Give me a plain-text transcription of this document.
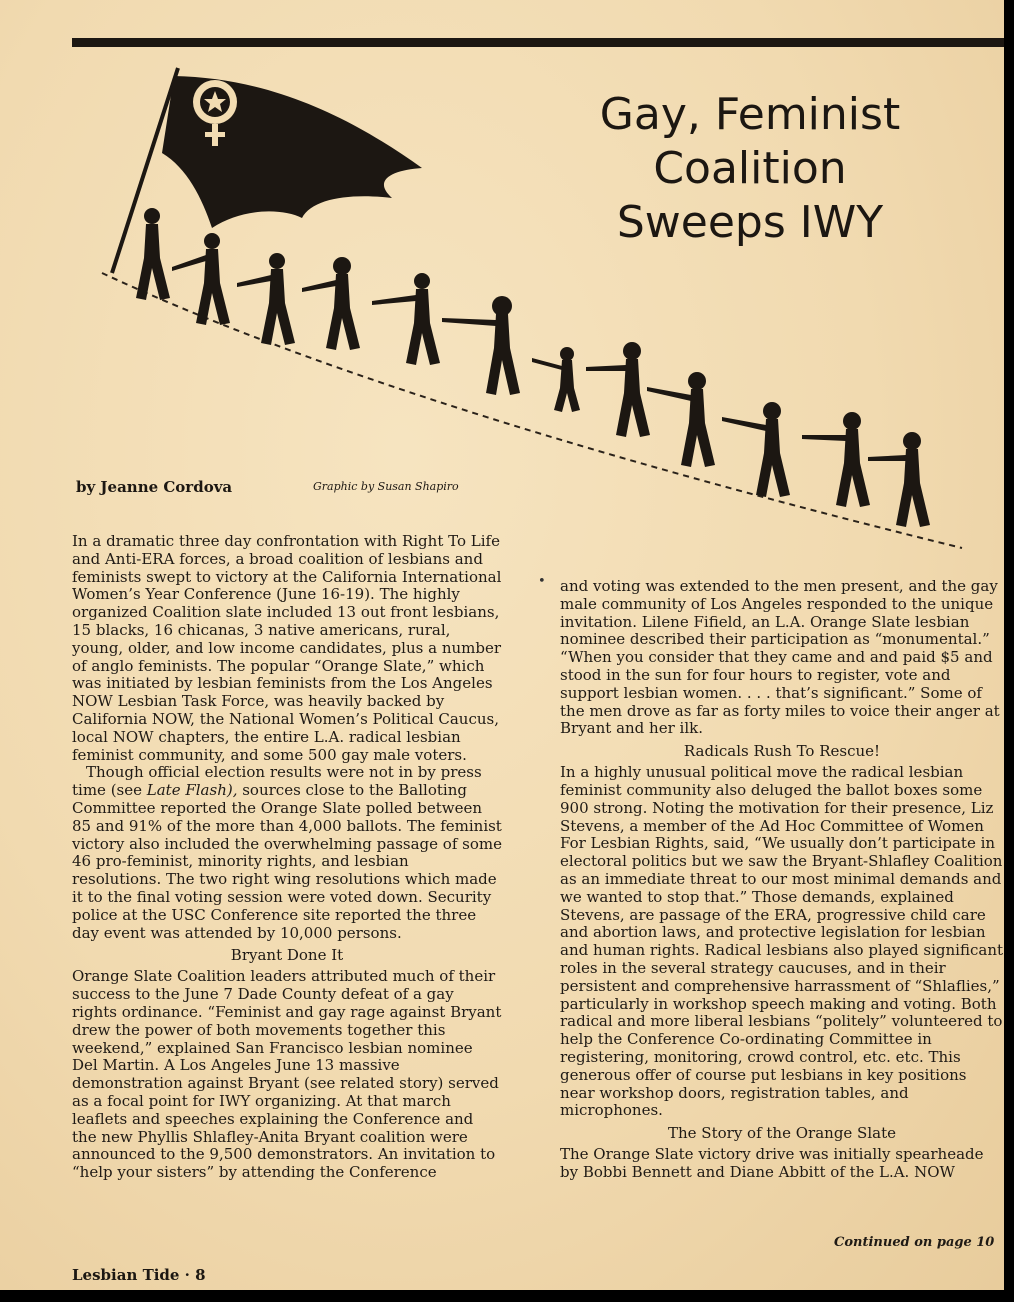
Gay, Feminist
Coalition
Sweeps IWY
by Jeanne Cordova	Graphic by Susan Shapiro

In a dramatic three day confrontation with Right To Life and Anti-ERA forces, a broad coalition of lesbians and feminists swept to victory at the California International Women’s Year Conference (June 16-19). The highly organized Coalition slate included 13 out front lesbians, 15 blacks, 16 chicanas, 3 native americans, rural, young, older, and low income candidates, plus a number of anglo feminists. The popular “Orange Slate,” which was initiated by lesbian feminists from the Los Angeles NOW Lesbian Task Force, was heavily backed by California NOW, the National Women’s Political Caucus, local NOW chapters, the entire L.A. radical lesbian feminist community, and some 500 gay male voters.

Though official election results were not in by press time (see Late Flash), sources close to the Balloting Committee reported the Orange Slate polled between 85 and 91% of the more than 4,000 ballots. The feminist victory also included the overwhelming passage of some 46 pro-feminist, minority rights, and lesbian resolutions. The two right wing resolutions which made it to the final voting session were voted down. Security police at the USC Conference site reported the three day event was attended by 10,000 persons.

Bryant Done It

Orange Slate Coalition leaders attributed much of their success to the June 7 Dade County defeat of a gay rights ordinance. “Feminist and gay rage against Bryant drew the power of both movements together this weekend,” explained San Francisco lesbian nominee Del Martin. A Los Angeles June 13 massive demonstration against Bryant (see related story) served as a focal point for IWY organizing. At that march leaflets and speeches explaining the Conference and the new Phyllis Shlafley-Anita Bryant coalition were announced to the 9,500 demonstrators. An invitation to “help your sisters” by attending the Conference

• and voting was extended to the men present, and the gay male community of Los Angeles responded to the unique invitation. Lilene Fifield, an L.A. Orange Slate lesbian nominee described their participation as “monumental.” “When you consider that they came and and paid $5 and stood in the sun for four hours to register, vote and support lesbian women. . . . that’s significant.” Some of the men drove as far as forty miles to voice their anger at Bryant and her ilk.

Radicals Rush To Rescue!

In a highly unusual political move the radical lesbian feminist community also deluged the ballot boxes some 900 strong. Noting the motivation for their presence, Liz Stevens, a member of the Ad Hoc Committee of Women For Lesbian Rights, said, “We usually don’t participate in electoral politics but we saw the Bryant-Shlafley Coalition as an immediate threat to our most minimal demands and we wanted to stop that.” Those demands, explained Stevens, are passage of the ERA, progressive child care and abortion laws, and protective legislation for lesbian and human rights. Radical lesbians also played significant roles in the several strategy caucuses, and in their persistent and comprehensive harrassment of “Shlaflies,” particularly in workshop speech making and voting. Both radical and more liberal lesbians “politely” volunteered to help the Conference Co-ordinating Committee in registering, monitoring, crowd control, etc. etc. This generous offer of course put lesbians in key positions near workshop doors, registration tables, and microphones.

The Story of the Orange Slate

The Orange Slate victory drive was initially spearheade by Bobbi Bennett and Diane Abbitt of the L.A. NOW

Continued on page 10
Lesbian Tide · 8
